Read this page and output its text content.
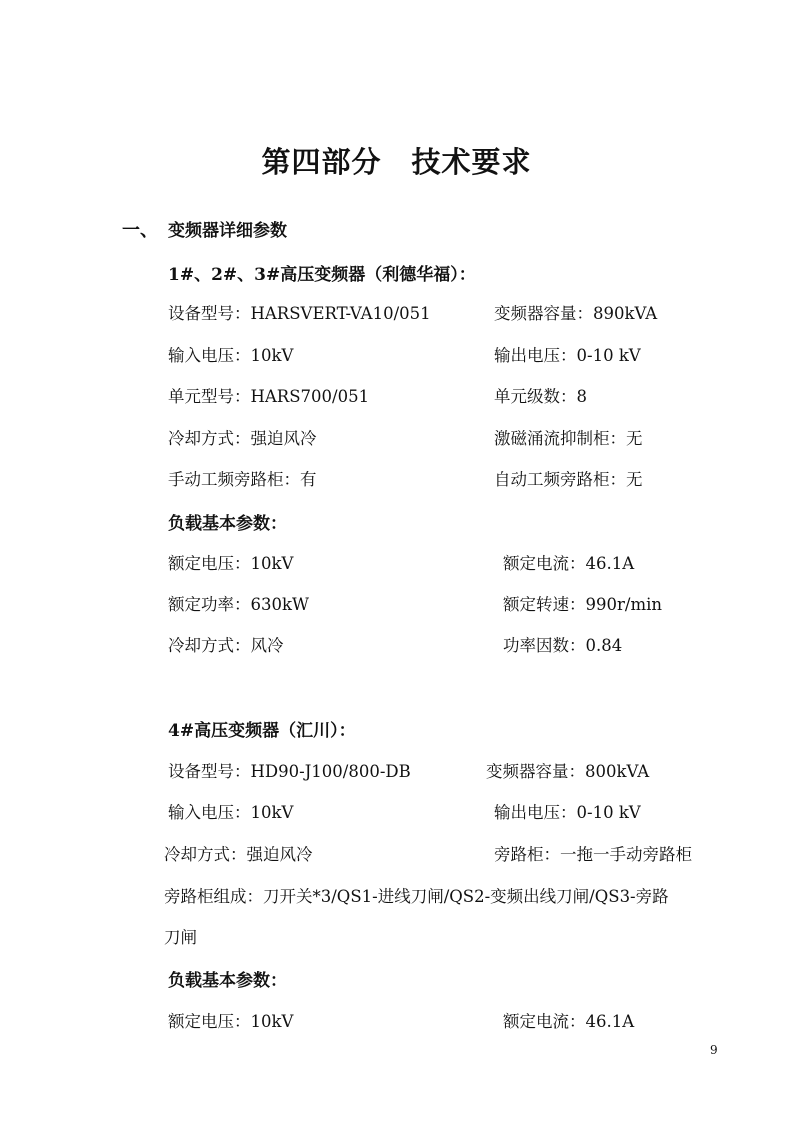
第四部分　技术要求
一、 变频器详细参数
1#、2#、3#高压变频器（利德华福）：
设备型号：HARSVERT-VA10/051	变频器容量：890kVA
输入电压：10kV	输出电压：0-10 kV
单元型号：HARS700/051	单元级数：8
冷却方式：强迫风冷	激磁涌流抑制柜：无
手动工频旁路柜：有	自动工频旁路柜：无
负载基本参数：
额定电压：10kV	额定电流：46.1A
额定功率：630kW	额定转速：990r/min
冷却方式：风冷	功率因数：0.84
4#高压变频器（汇川）：
设备型号：HD90-J100/800-DB	变频器容量：800kVA
输入电压：10kV	输出电压：0-10 kV
冷却方式：强迫风冷	旁路柜：一拖一手动旁路柜
旁路柜组成：刀开关*3/QS1-进线刀闸/QS2-变频出线刀闸/QS3-旁路
刀闸
负载基本参数：
额定电压：10kV	额定电流：46.1A
9
